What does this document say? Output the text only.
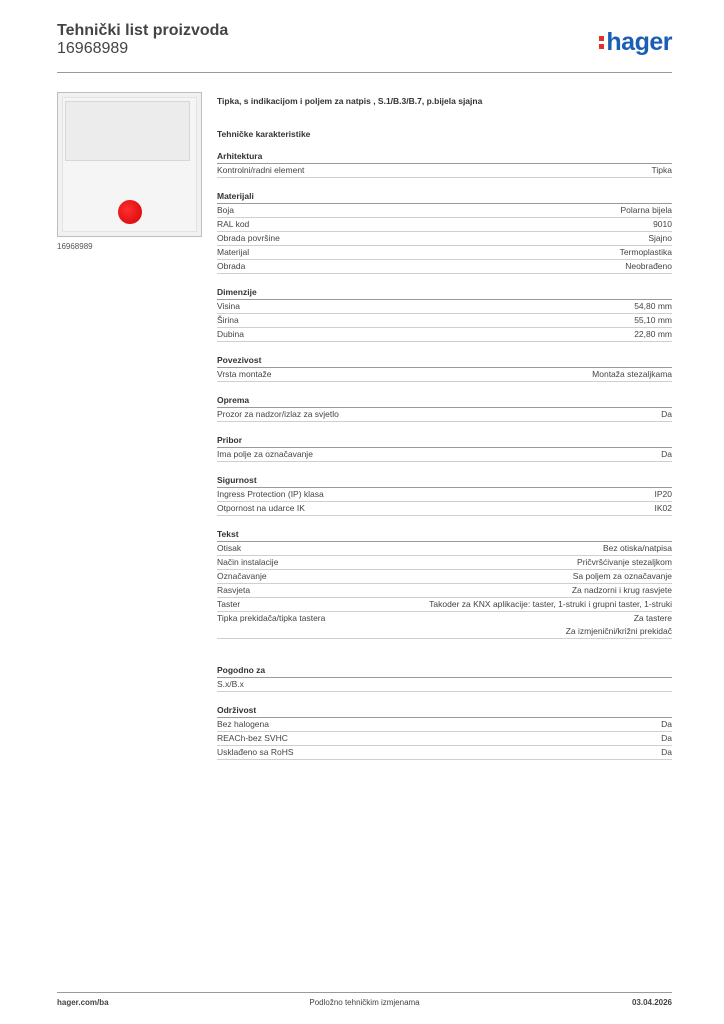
Tehnički list proizvoda
16968989	hager
16968989
Tipka, s indikacijom i poljem za natpis , S.1/B.3/B.7, p.bijela sjajna
Tehničke karakteristike
Arhitektura
Kontrolni/radni element	Tipka
Materijali
Boja	Polarna bijela
RAL kod	9010
Obrada površine	Sjajno
Materijal	Termoplastika
Obrada	Neobrađeno
Dimenzije
Visina	54,80 mm
Širina	55,10 mm
Dubina	22,80 mm
Povezivost
Vrsta montaže	Montaža stezaljkama
Oprema
Prozor za nadzor/izlaz za svjetlo	Da
Pribor
Ima polje za označavanje	Da
Sigurnost
Ingress Protection (IP) klasa	IP20
Otpornost na udarce IK	IK02
Tekst
Otisak	Bez otiska/natpisa
Način instalacije	Pričvršćivanje stezaljkom
Označavanje	Sa poljem za označavanje
Rasvjeta	Za nadzorni i krug rasvjete
Taster	Takoder za KNX aplikacije: taster, 1-struki i grupni taster, 1-struki
Tipka prekidača/tipka tastera	Za tastere
Za izmjenični/križni prekidač
Pogodno za
S.x/B.x
Održivost
Bez halogena	Da
REACh-bez SVHC	Da
Usklađeno sa RoHS	Da
hager.com/ba	Podložno tehničkim izmjenama	03.04.2026
